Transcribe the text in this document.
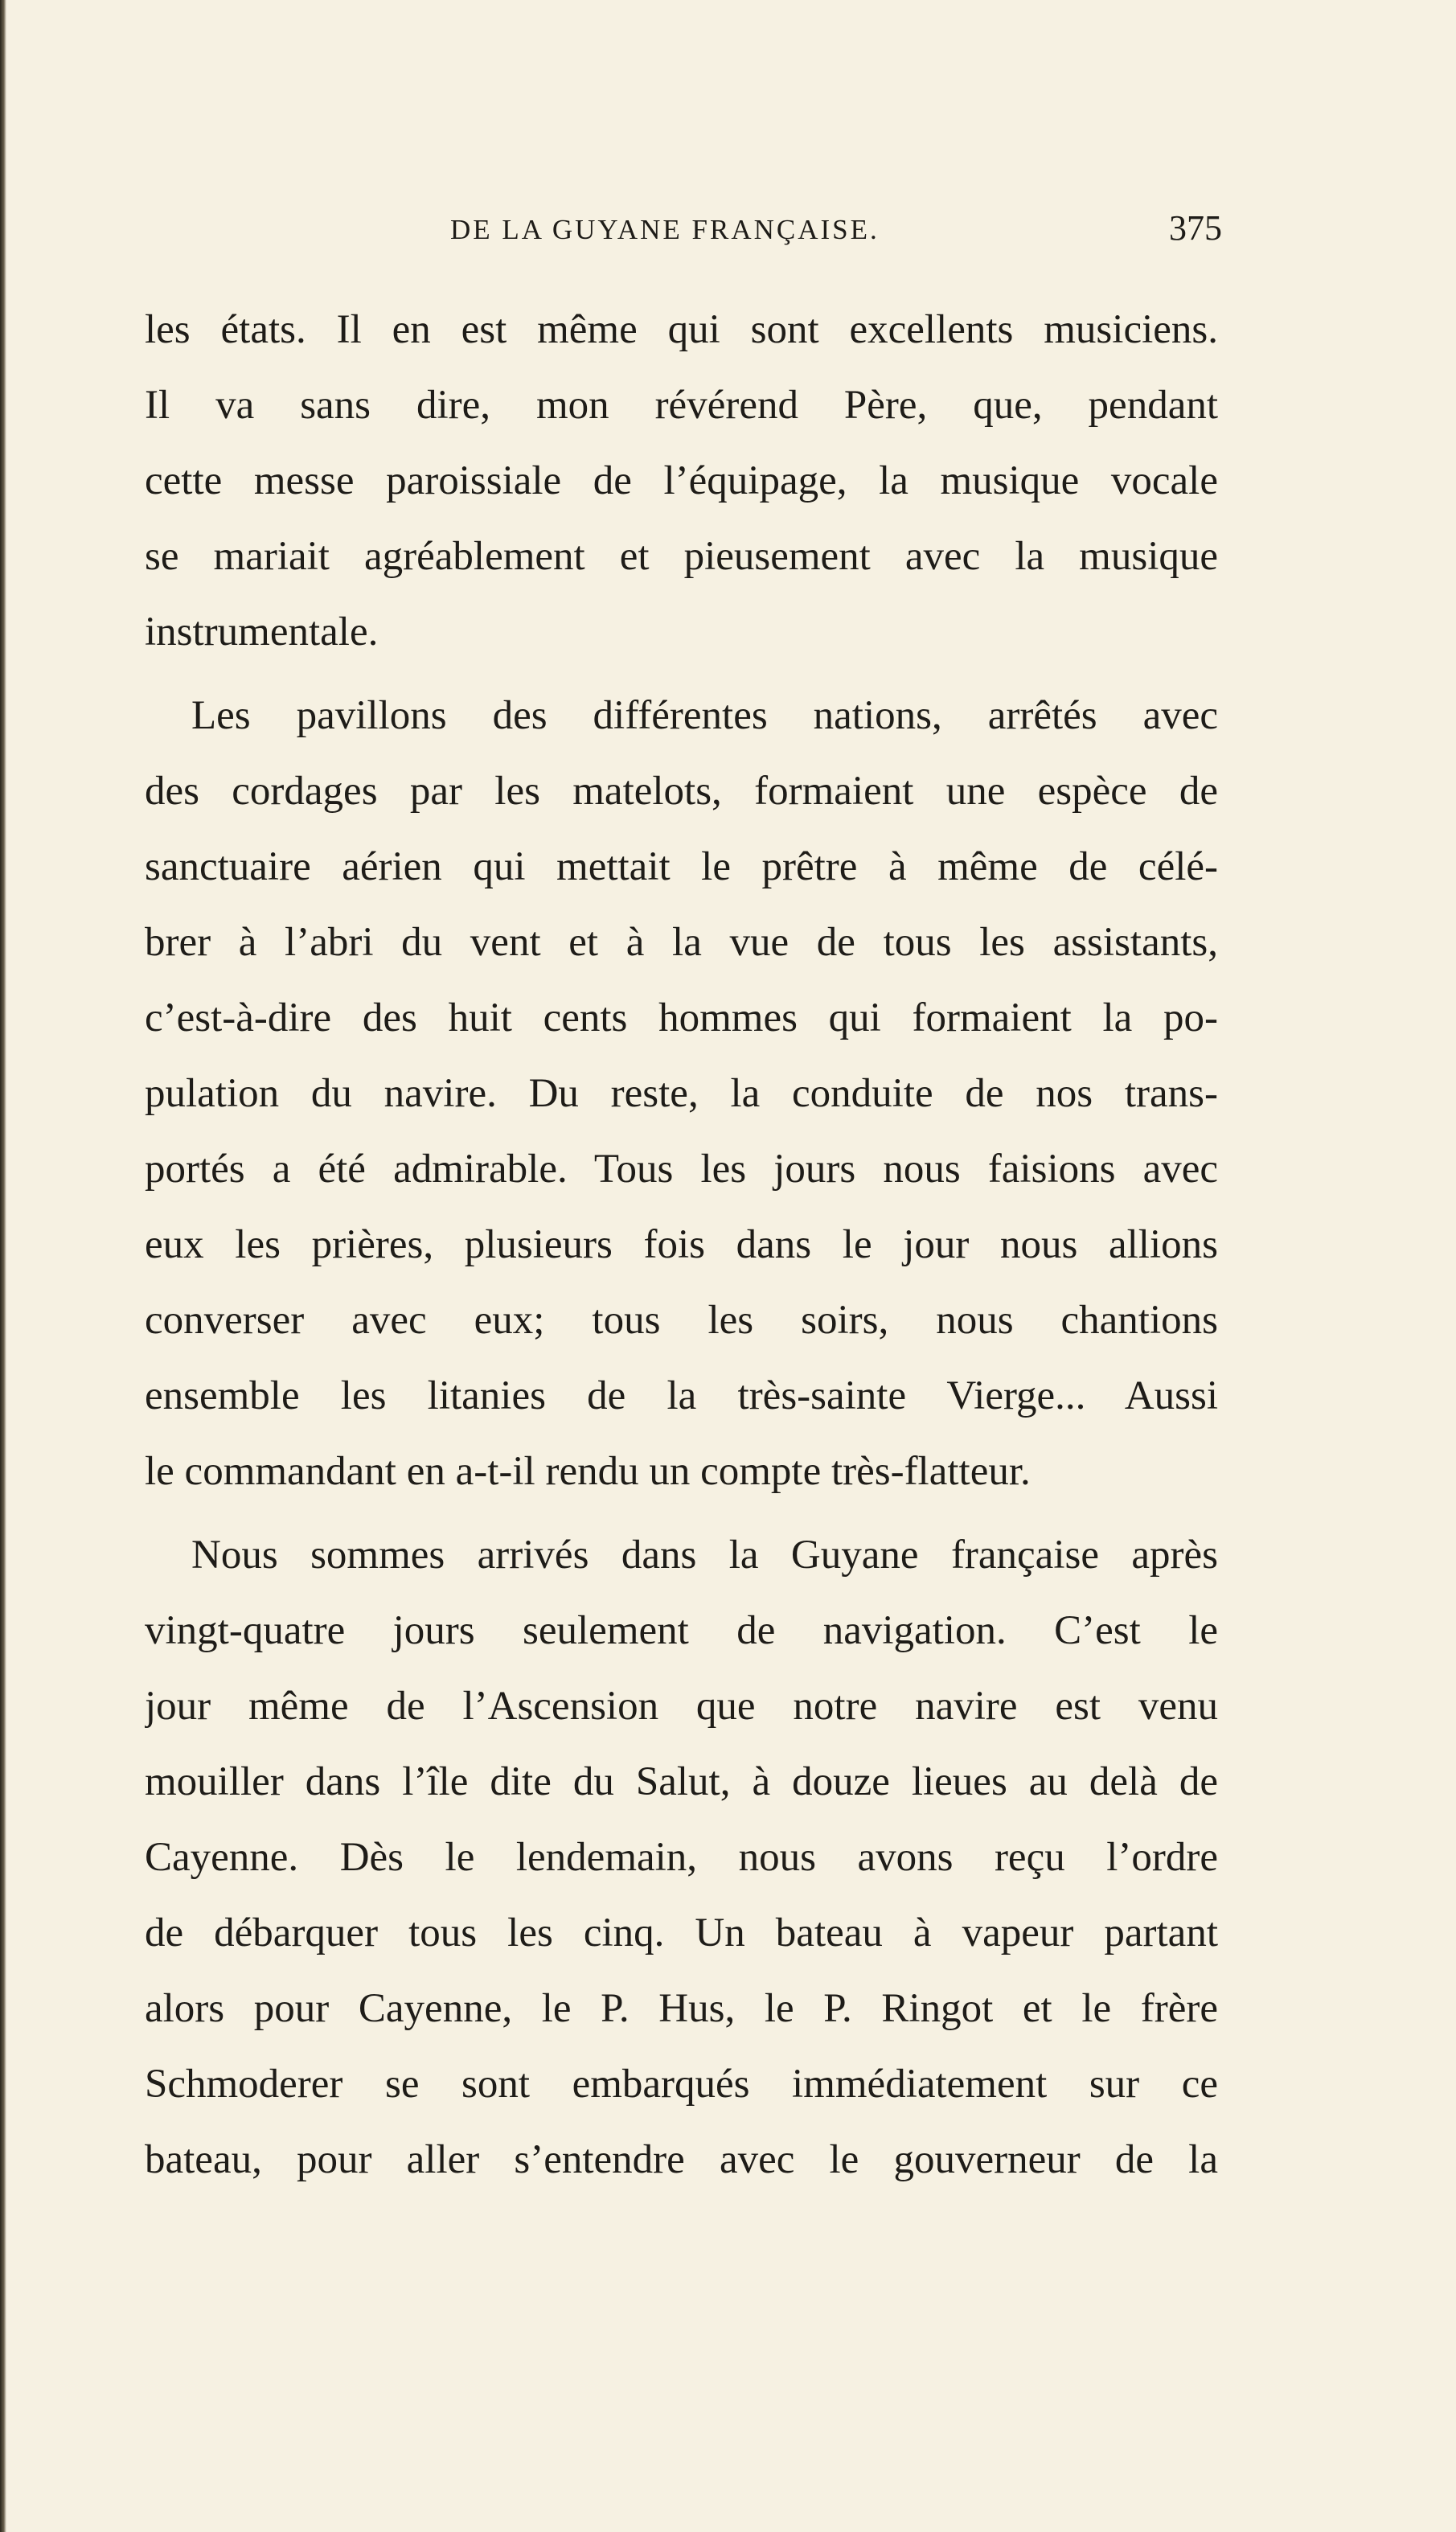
DE LA GUYANE FRANÇAISE.	375
les états. Il en est même qui sont excellents musiciens.
Il va sans dire, mon révérend Père, que, pendant
cette messe paroissiale de l’équipage, la musique vocale
se mariait agréablement et pieusement avec la musique
instrumentale.
Les pavillons des différentes nations, arrêtés avec
des cordages par les matelots, formaient une espèce de
sanctuaire aérien qui mettait le prêtre à même de célé-
brer à l’abri du vent et à la vue de tous les assistants,
c’est-à-dire des huit cents hommes qui formaient la po-
pulation du navire. Du reste, la conduite de nos trans-
portés a été admirable. Tous les jours nous faisions avec
eux les prières, plusieurs fois dans le jour nous allions
converser avec eux; tous les soirs, nous chantions
ensemble les litanies de la très-sainte Vierge... Aussi
le commandant en a-t-il rendu un compte très-flatteur.
Nous sommes arrivés dans la Guyane française après
vingt-quatre jours seulement de navigation. C’est le
jour même de l’Ascension que notre navire est venu
mouiller dans l’île dite du Salut, à douze lieues au delà de
Cayenne. Dès le lendemain, nous avons reçu l’ordre
de débarquer tous les cinq. Un bateau à vapeur partant
alors pour Cayenne, le P. Hus, le P. Ringot et le frère
Schmoderer se sont embarqués immédiatement sur ce
bateau, pour aller s’entendre avec le gouverneur de la
